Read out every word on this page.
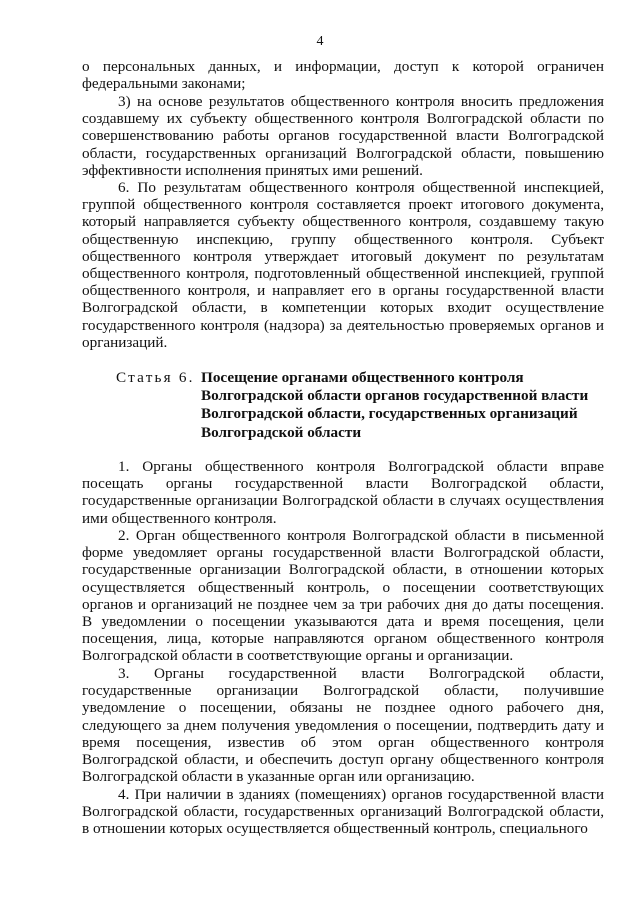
4

о персональных данных, и информации, доступ к которой ограничен федеральными законами;

3) на основе результатов общественного контроля вносить предложения создавшему их субъекту общественного контроля Волгоградской области по совершенствованию работы органов государственной власти Волгоградской области, государственных организаций Волгоградской области, повышению эффективности исполнения принятых ими решений.

6. По результатам общественного контроля общественной инспекцией, группой общественного контроля составляется проект итогового документа, который направляется субъекту общественного контроля, создавшему такую общественную инспекцию, группу общественного контроля. Субъект общественного контроля утверждает итоговый документ по результатам общественного контроля, подготовленный общественной инспекцией, группой общественного контроля, и направляет его в органы государственной власти Волгоградской области, в компетенции которых входит осуществление государственного контроля (надзора) за деятельностью проверяемых органов и организаций.

Статья 6. Посещение органами общественного контроля
Волгоградской области органов государственной власти
Волгоградской области, государственных организаций
Волгоградской области

1. Органы общественного контроля Волгоградской области вправе посещать органы государственной власти Волгоградской области, государственные организации Волгоградской области в случаях осуществления ими общественного контроля.

2. Орган общественного контроля Волгоградской области в письменной форме уведомляет органы государственной власти Волгоградской области, государственные организации Волгоградской области, в отношении которых осуществляется общественный контроль, о посещении соответствующих органов и организаций не позднее чем за три рабочих дня до даты посещения. В уведомлении о посещении указываются дата и время посещения, цели посещения, лица, которые направляются органом общественного контроля Волгоградской области в соответствующие органы и организации.

3. Органы государственной власти Волгоградской области, государственные организации Волгоградской области, получившие уведомление о посещении, обязаны не позднее одного рабочего дня, следующего за днем получения уведомления о посещении, подтвердить дату и время посещения, известив об этом орган общественного контроля Волгоградской области, и обеспечить доступ органу общественного контроля Волгоградской области в указанные орган или организацию.

4. При наличии в зданиях (помещениях) органов государственной власти Волгоградской области, государственных организаций Волгоградской области, в отношении которых осуществляется общественный контроль, специального
